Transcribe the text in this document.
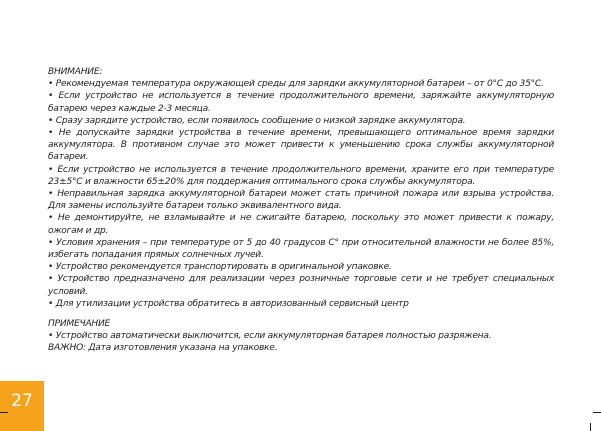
ВНИМАНИЕ:

• Рекомендуемая температура окружающей среды для зарядки аккумуляторной батареи – от 0°С до 35°С.

• Если устройство не используется в течение продолжительного времени, заряжайте аккумуляторную батарею через каждые 2-3 месяца.

• Сразу зарядите устройство, если появилось сообщение о низкой зарядке аккумулятора.

• Не допускайте зарядки устройства в течение времени, превышающего оптимальное время зарядки аккумулятора. В противном случае это может привести к уменьшению срока службы аккумуляторной батареи.

• Если устройство не используется в течение продолжительного времени, храните его при температуре 23±5°С и влажности 65±20% для поддержания оптимального срока службы аккумулятора.

• Неправильная зарядка аккумуляторной батареи может стать причиной пожара или взрыва устройства. Для замены используйте батареи только эквивалентного вида.

• Не демонтируйте, не взламывайте и не сжигайте батарею, поскольку это может привести к пожару, ожогам и др.

• Условия хранения – при температуре от 5 до 40 градусов С° при относительной влажности не более 85%, избегать попадания прямых солнечных лучей.

• Устройство рекомендуется транспортировать в оригинальной упаковке.

• Устройство предназначено для реализации через розничные торговые сети и не требует специальных условий.

• Для утилизации устройства обратитесь в авторизованный сервисный центр

ПРИМЕЧАНИЕ

• Устройство автоматически выключится, если аккумуляторная батарея полностью разряжена.

ВАЖНО: Дата изготовления указана на упаковке.

27
